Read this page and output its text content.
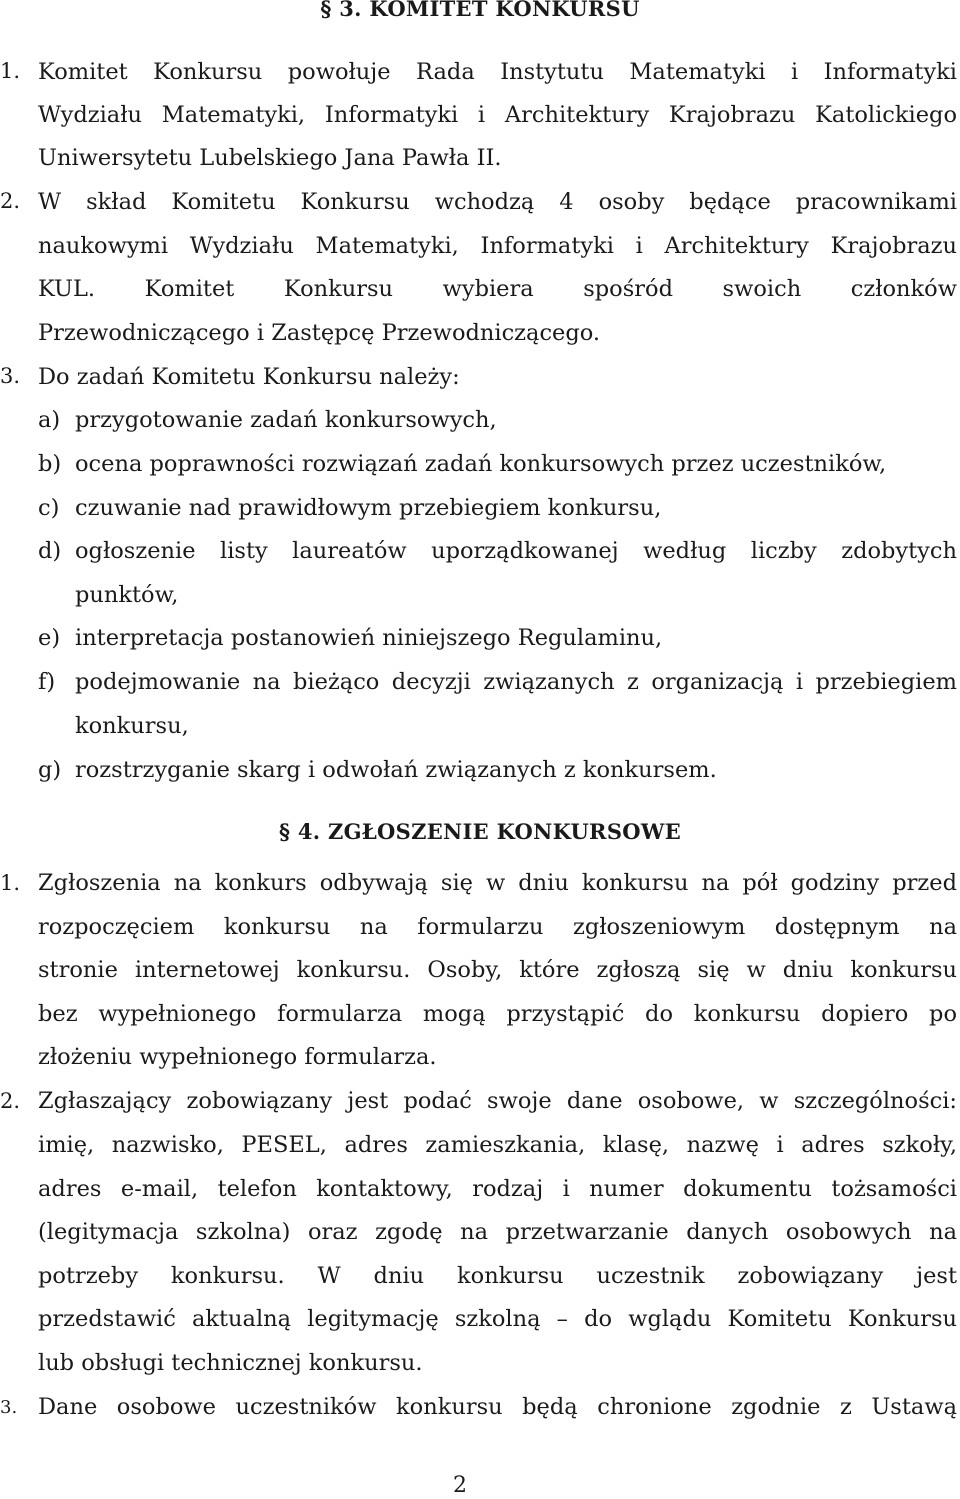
§ 3. KOMITET KONKURSU
1. Komitet Konkursu powołuje Rada Instytutu Matematyki i Informatyki
Wydziału Matematyki, Informatyki i Architektury Krajobrazu Katolickiego
Uniwersytetu Lubelskiego Jana Pawła II.
2. W skład Komitetu Konkursu wchodzą 4 osoby będące pracownikami
naukowymi Wydziału Matematyki, Informatyki i Architektury Krajobrazu
KUL. Komitet Konkursu wybiera spośród swoich członków
Przewodniczącego i Zastępcę Przewodniczącego.
3. Do zadań Komitetu Konkursu należy:
a) przygotowanie zadań konkursowych,
b) ocena poprawności rozwiązań zadań konkursowych przez uczestników,
c) czuwanie nad prawidłowym przebiegiem konkursu,
d) ogłoszenie listy laureatów uporządkowanej według liczby zdobytych
punktów,
e) interpretacja postanowień niniejszego Regulaminu,
f) podejmowanie na bieżąco decyzji związanych z organizacją i przebiegiem
konkursu,
g) rozstrzyganie skarg i odwołań związanych z konkursem.
§ 4. ZGŁOSZENIE KONKURSOWE
1. Zgłoszenia na konkurs odbywają się w dniu konkursu na pół godziny przed
rozpoczęciem konkursu na formularzu zgłoszeniowym dostępnym na
stronie internetowej konkursu. Osoby, które zgłoszą się w dniu konkursu
bez wypełnionego formularza mogą przystąpić do konkursu dopiero po
złożeniu wypełnionego formularza.
2. Zgłaszający zobowiązany jest podać swoje dane osobowe, w szczególności:
imię, nazwisko, PESEL, adres zamieszkania, klasę, nazwę i adres szkoły,
adres e-mail, telefon kontaktowy, rodzaj i numer dokumentu tożsamości
(legitymacja szkolna) oraz zgodę na przetwarzanie danych osobowych na
potrzeby konkursu. W dniu konkursu uczestnik zobowiązany jest
przedstawić aktualną legitymację szkolną – do wglądu Komitetu Konkursu
lub obsługi technicznej konkursu.
3. Dane osobowe uczestników konkursu będą chronione zgodnie z Ustawą
2
